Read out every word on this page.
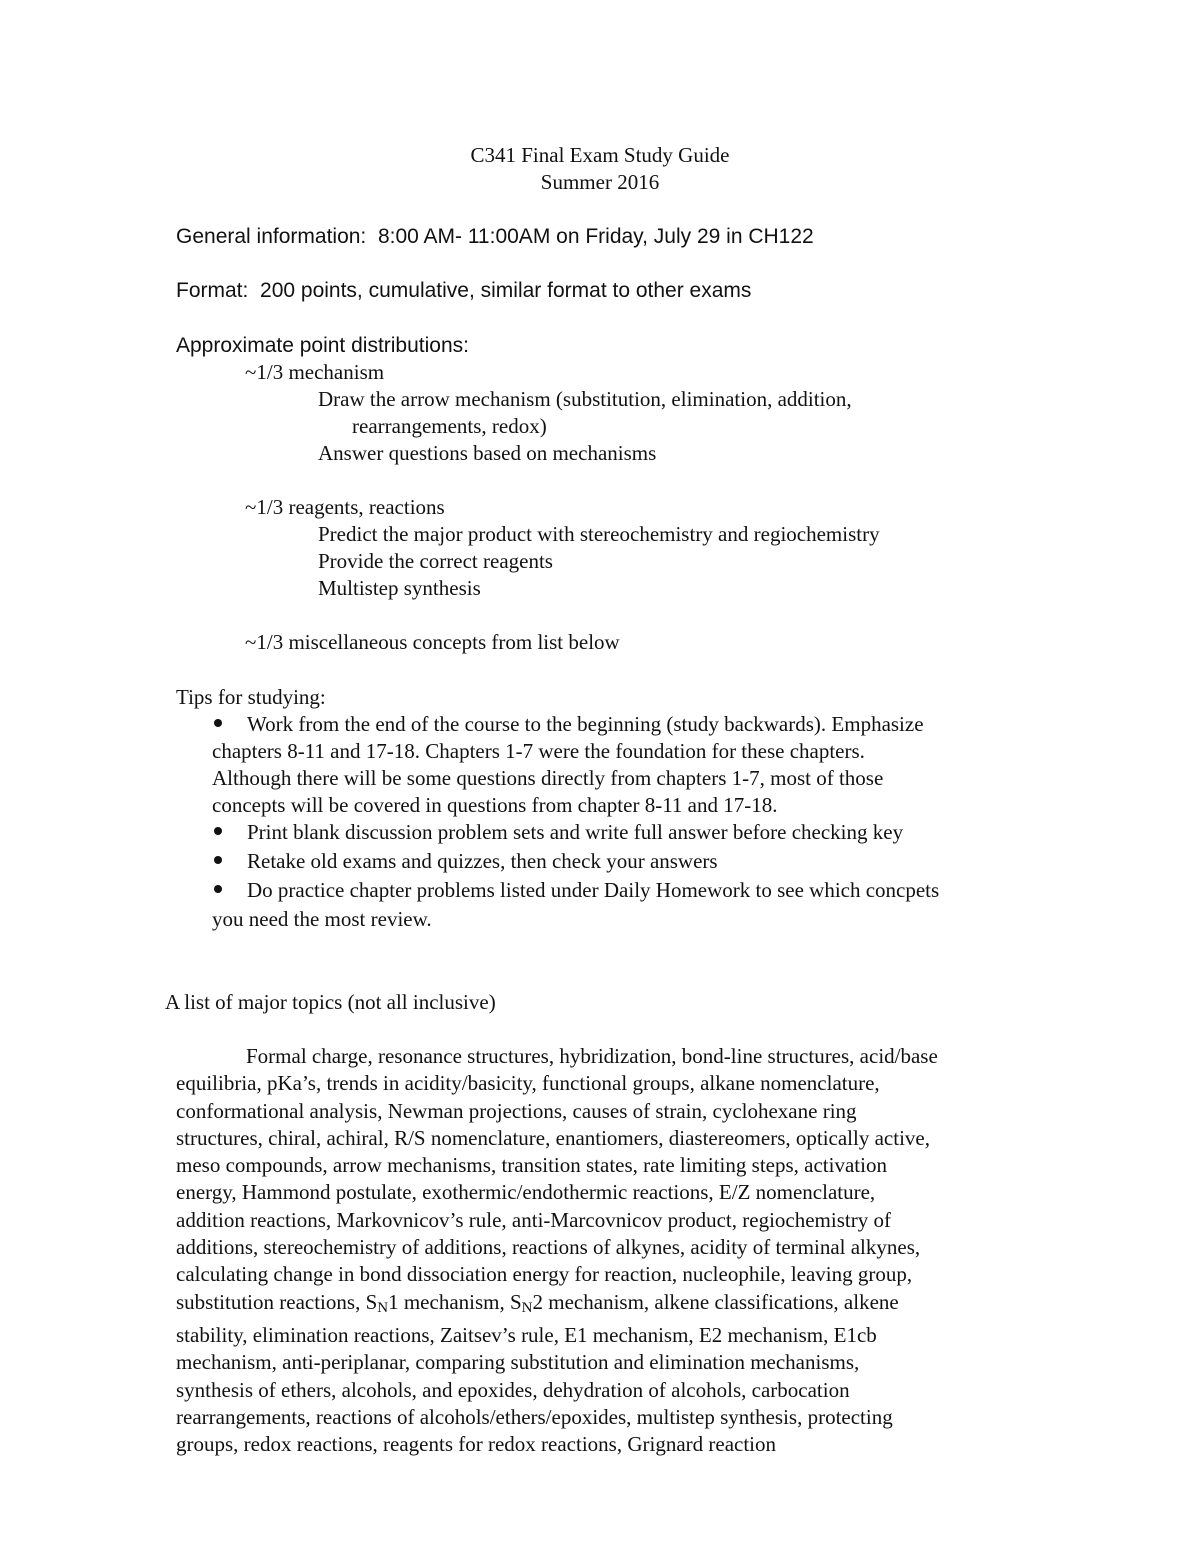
C341 Final Exam Study Guide
Summer 2016
General information: 8:00 AM- 11:00AM on Friday, July 29 in CH122
Format: 200 points, cumulative, similar format to other exams
Approximate point distributions:
~1/3 mechanism
Draw the arrow mechanism (substitution, elimination, addition,
rearrangements, redox)
Answer questions based on mechanisms
~1/3 reagents, reactions
Predict the major product with stereochemistry and regiochemistry
Provide the correct reagents
Multistep synthesis
~1/3 miscellaneous concepts from list below
Tips for studying:
Work from the end of the course to the beginning (study backwards). Emphasize
chapters 8-11 and 17-18. Chapters 1-7 were the foundation for these chapters.
Although there will be some questions directly from chapters 1-7, most of those
concepts will be covered in questions from chapter 8-11 and 17-18.
Print blank discussion problem sets and write full answer before checking key
Retake old exams and quizzes, then check your answers
Do practice chapter problems listed under Daily Homework to see which concpets
you need the most review.
A list of major topics (not all inclusive)
Formal charge, resonance structures, hybridization, bond-line structures, acid/base
equilibria, pKa’s, trends in acidity/basicity, functional groups, alkane nomenclature,
conformational analysis, Newman projections, causes of strain, cyclohexane ring
structures, chiral, achiral, R/S nomenclature, enantiomers, diastereomers, optically active,
meso compounds, arrow mechanisms, transition states, rate limiting steps, activation
energy, Hammond postulate, exothermic/endothermic reactions, E/Z nomenclature,
addition reactions, Markovnicov’s rule, anti-Marcovnicov product, regiochemistry of
additions, stereochemistry of additions, reactions of alkynes, acidity of terminal alkynes,
calculating change in bond dissociation energy for reaction, nucleophile, leaving group,
substitution reactions, $S_N1$ mechanism, $S_N2$ mechanism, alkene classifications, alkene
stability, elimination reactions, Zaitsev’s rule, E1 mechanism, E2 mechanism, E1cb
mechanism, anti-periplanar, comparing substitution and elimination mechanisms,
synthesis of ethers, alcohols, and epoxides, dehydration of alcohols, carbocation
rearrangements, reactions of alcohols/ethers/epoxides, multistep synthesis, protecting
groups, redox reactions, reagents for redox reactions, Grignard reaction
